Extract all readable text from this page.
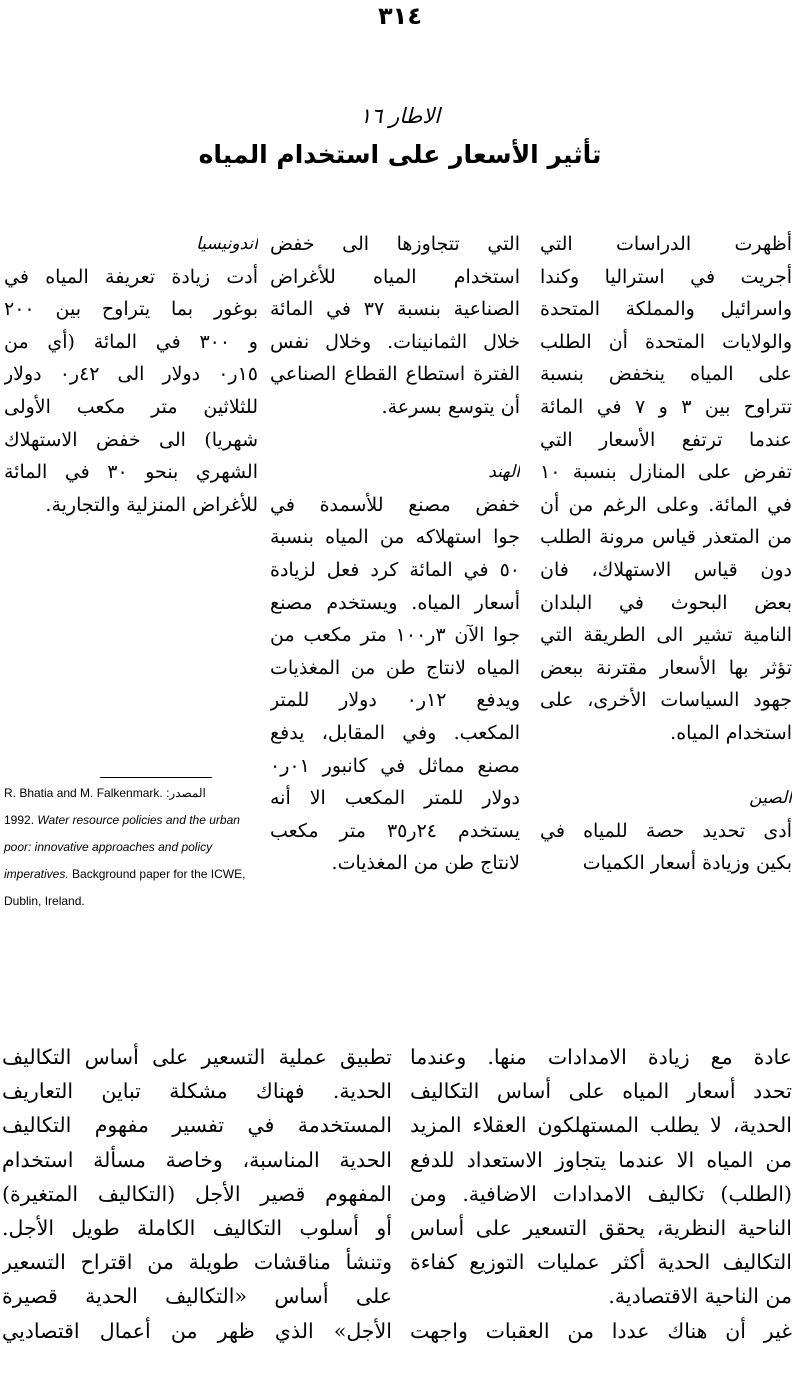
٣١٤
الاطار ١٦
تأثير الأسعار على استخدام المياه
أظهرت الدراسات التي
أجريت في استراليا وكندا
واسرائيل والمملكة المتحدة
والولايات المتحدة أن الطلب
على المياه ينخفض بنسبة
تتراوح بين ٣ و ٧ في المائة
عندما ترتفع الأسعار التي
تفرض على المنازل بنسبة ١٠
في المائة. وعلى الرغم من أن
من المتعذر قياس مرونة الطلب
دون قياس الاستهلاك، فان
بعض البحوث في البلدان
النامية تشير الى الطريقة التي
تؤثر بها الأسعار مقترنة ببعض
جهود السياسات الأخرى، على
استخدام المياه.
الصين
أدى تحديد حصة للمياه في
بكين وزيادة أسعار الكميات
التي تتجاوزها الى خفض
استخدام المياه للأغراض
الصناعية بنسبة ٣٧ في المائة
خلال الثمانينات. وخلال نفس
الفترة استطاع القطاع الصناعي
أن يتوسع بسرعة.
الهند
خفض مصنع للأسمدة في
جوا استهلاكه من المياه بنسبة
٥٠ في المائة كرد فعل لزيادة
أسعار المياه. ويستخدم مصنع
جوا الآن ٣ر١٠٠ متر مكعب من
المياه لانتاج طن من المغذيات
ويدفع ١٢ر٠ دولار للمتر
المكعب. وفي المقابل، يدفع
مصنع مماثل في كانبور ٠١ر٠
دولار للمتر المكعب الا أنه
يستخدم ٢٤ر٣٥ متر مكعب
لانتاج طن من المغذيات.
أندونيسيا
أدت زيادة تعريفة المياه في
بوغور بما يتراوح بين ٢٠٠
و ٣٠٠ في المائة (أي من
١٥ر٠ دولار الى ٤٢ر٠ دولار
للثلاثين متر مكعب الأولى
شهريا) الى خفض الاستهلاك
الشهري بنحو ٣٠ في المائة
للأغراض المنزلية والتجارية.
R. Bhatia and M. Falkenmark. المصدر:
1992. Water resource policies and the urban poor: innovative approaches and policy imperatives. Background paper for the ICWE, Dublin, Ireland.
عادة مع زيادة الامدادات منها. وعندما
تحدد أسعار المياه على أساس التكاليف
الحدية، لا يطلب المستهلكون العقلاء المزيد
من المياه الا عندما يتجاوز الاستعداد للدفع
(الطلب) تكاليف الامدادات الاضافية. ومن
الناحية النظرية، يحقق التسعير على أساس
التكاليف الحدية أكثر عمليات التوزيع كفاءة
من الناحية الاقتصادية.
غير أن هناك عددا من العقبات واجهت
تطبيق عملية التسعير على أساس التكاليف
الحدية. فهناك مشكلة تباين التعاريف
المستخدمة في تفسير مفهوم التكاليف
الحدية المناسبة، وخاصة مسألة استخدام
المفهوم قصير الأجل (التكاليف المتغيرة)
أو أسلوب التكاليف الكاملة طويل الأجل.
وتنشأ مناقشات طويلة من اقتراح التسعير
على أساس «التكاليف الحدية قصيرة
الأجل» الذي ظهر من أعمال اقتصاديي
